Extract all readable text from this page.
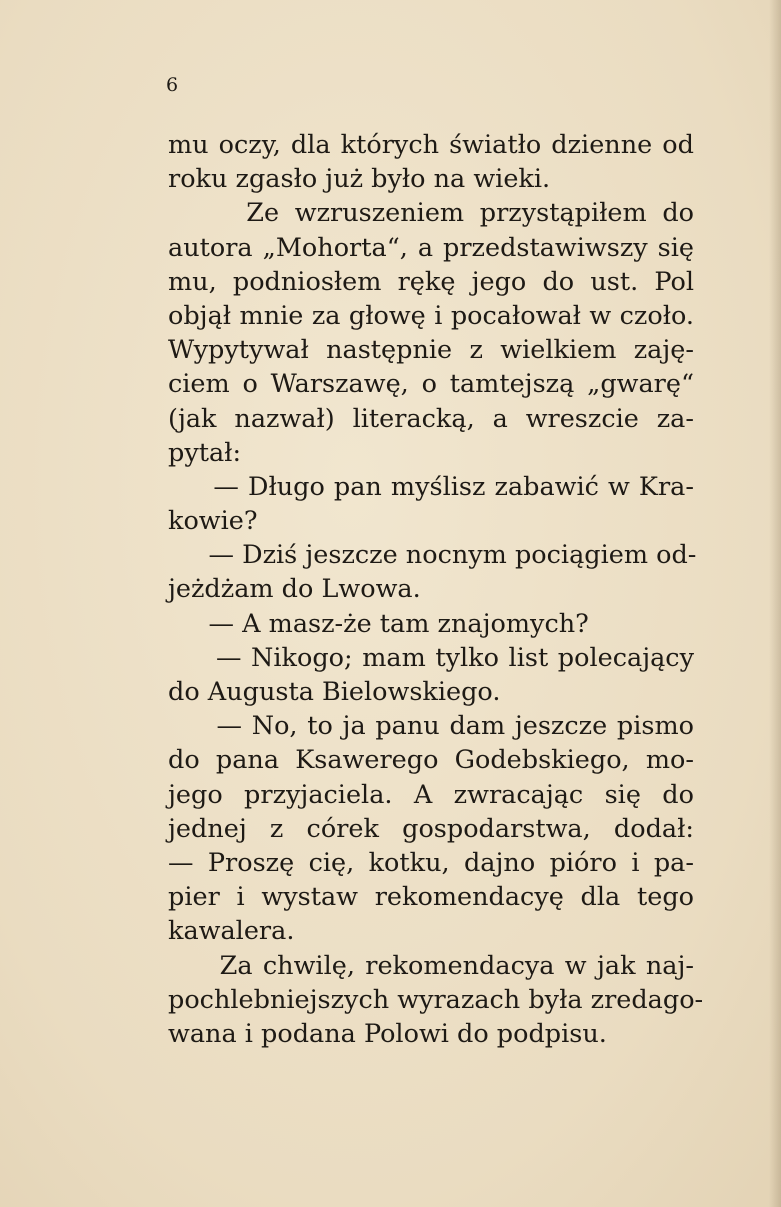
6
mu oczy, dla których światło dzienne od
roku zgasło już było na wieki.
Ze wzruszeniem przystąpiłem do
autora „Mohorta“, a przedstawiwszy się
mu, podniosłem rękę jego do ust. Pol
objął mnie za głowę i pocałował w czoło.
Wypytywał następnie z wielkiem zaję-
ciem o Warszawę, o tamtejszą „gwarę“
(jak nazwał) literacką, a wreszcie za-
pytał:
— Długo pan myślisz zabawić w Kra-
kowie?
— Dziś jeszcze nocnym pociągiem od-
jeżdżam do Lwowa.
— A masz-że tam znajomych?
— Nikogo; mam tylko list polecający
do Augusta Bielowskiego.
— No, to ja panu dam jeszcze pismo
do pana Ksawerego Godebskiego, mo-
jego przyjaciela. A zwracając się do
jednej z córek gospodarstwa, dodał:
— Proszę cię, kotku, dajno pióro i pa-
pier i wystaw rekomendacyę dla tego
kawalera.
Za chwilę, rekomendacya w jak naj-
pochlebniejszych wyrazach była zredago-
wana i podana Polowi do podpisu.
